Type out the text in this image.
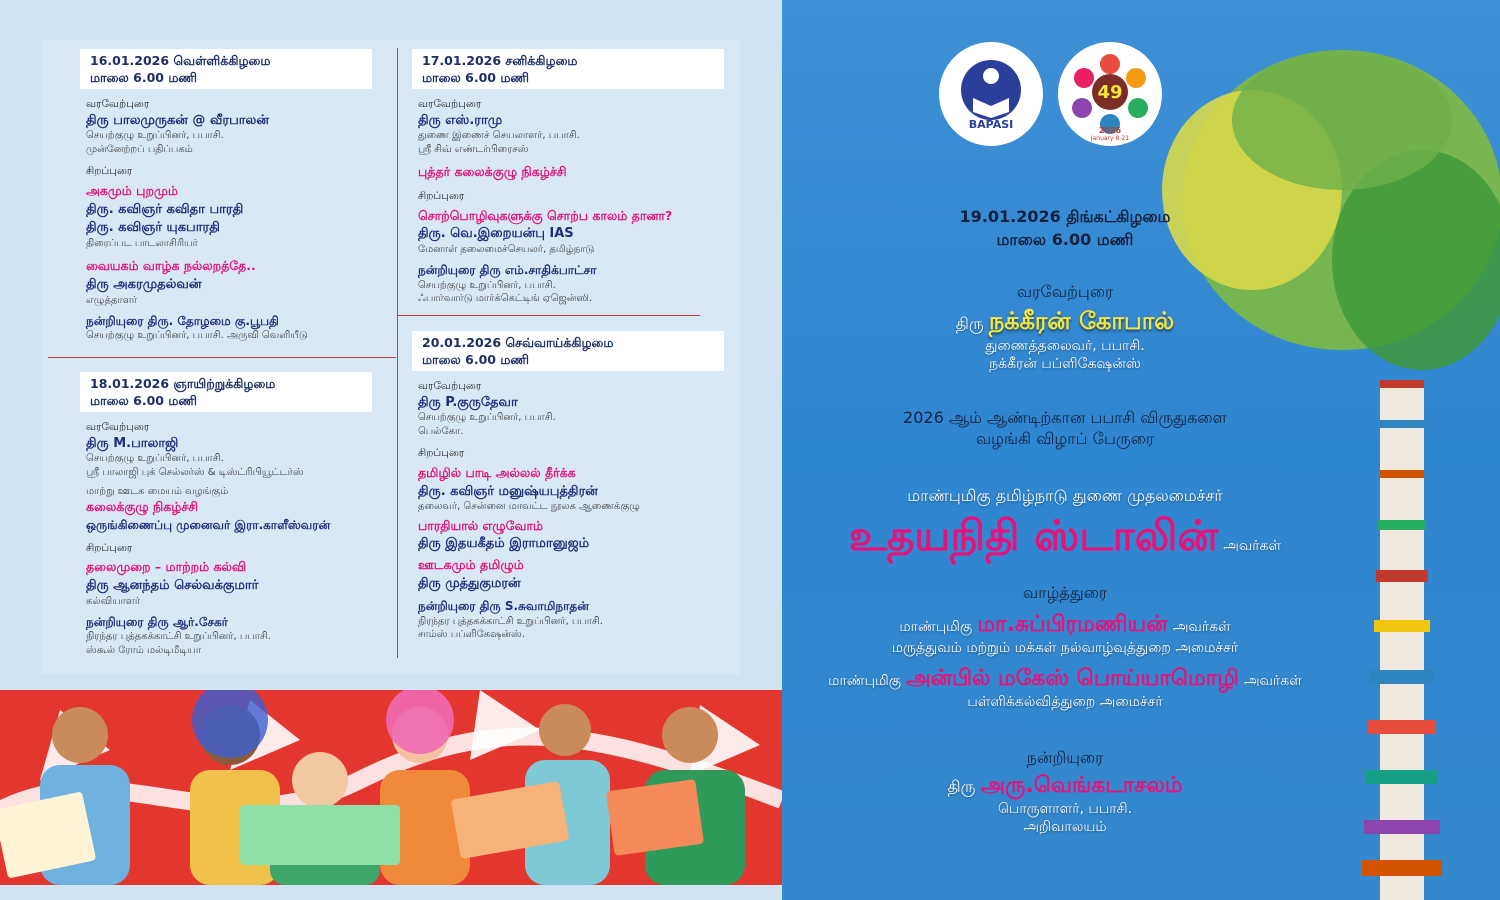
16.01.2026 வெள்ளிக்கிழமை
மாலை 6.00 மணி
வரவேற்புரை
திரு பாலமுருகன் @ வீரபாலன்
செயற்குழு உறுப்பினர், பபாசி.
முன்னேற்றப் பதிப்பகம்
சிறப்புரை
அகமும் புறமும்
திரு. கவிஞர் கவிதா பாரதி
திரு. கவிஞர் யுகபாரதி
திரைப்பட பாடலாசிரியர்
வையகம் வாழ்க நல்லறத்தே..
திரு அகரமுதல்வன்
எழுத்தாளர்
நன்றியுரை திரு. தோழமை கு.பூபதி
செயற்குழு உறுப்பினர், பபாசி. அருவி வெளியீடு
18.01.2026 ஞாயிற்றுக்கிழமை
மாலை 6.00 மணி
வரவேற்புரை
திரு M.பாலாஜி
செயற்குழு உறுப்பினர், பபாசி.
ஸ்ரீ பாலாஜி புக் செல்லர்ஸ் & டிஸ்ட்ரிபியூட்டர்ஸ்
மாற்று ஊடக மையம் வழங்கும்
கலைக்குழு நிகழ்ச்சி
ஒருங்கிணைப்பு முனைவர் இரா.காளீஸ்வரன்
சிறப்புரை
தலைமுறை – மாற்றம் கல்வி
திரு ஆனந்தம் செல்வக்குமார்
கல்வியாளர்
நன்றியுரை திரு ஆர்.சேகர்
நிரந்தர புத்தகக்காட்சி உறுப்பினர், பபாசி.
ஸ்கூல் ரோம் மல்டிமீடியா
17.01.2026 சனிக்கிழமை
மாலை 6.00 மணி
வரவேற்புரை
திரு எஸ்.ராமு
துணை இணைச் செயலாளர், பபாசி.
ஸ்ரீ சிவ் எண்டர்பிரைசஸ்
புத்தர் கலைக்குழு நிகழ்ச்சி
சிறப்புரை
சொற்பொழிவுகளுக்கு சொற்ப காலம் தானா?
திரு. வெ.இறையன்பு IAS
மேனாள் தலைமைச்செயலர், தமிழ்நாடு
நன்றியுரை திரு எம்.சாதிக்பாட்சா
செயற்குழு உறுப்பினர், பபாசி.
ஃபார்வார்டு மார்க்கெட்டிங் ஏஜென்ஸி.
20.01.2026 செவ்வாய்க்கிழமை
மாலை 6.00 மணி
வரவேற்புரை
திரு P.குருதேவா
செயற்குழு உறுப்பினர், பபாசி.
பெல்கோ.
சிறப்புரை
தமிழில் பாடி அல்லல் தீர்க்க
திரு. கவிஞர் மனுஷ்யபுத்திரன்
தலைவர், சென்னை மாவட்ட நூலக ஆணைக்குழு
பாரதியால் எழுவோம்
திரு இதயகீதம் இராமானுஜம்
ஊடகமும் தமிழும்
திரு முத்துகுமரன்
நன்றியுரை திரு S.சுவாமிநாதன்
நிரந்தர புத்தகக்காட்சி உறுப்பினர், பபாசி.
சாம்ஸ் பப்ளிகேஷன்ஸ்.
BAPASI
49
2026
January 8-21
19.01.2026 திங்கட்கிழமை
மாலை 6.00 மணி
வரவேற்புரை
திரு நக்கீரன் கோபால்
துணைத்தலைவர், பபாசி.
நக்கீரன் பப்ளிகேஷன்ஸ்
2026 ஆம் ஆண்டிற்கான பபாசி விருதுகளை
வழங்கி விழாப் பேருரை
மாண்புமிகு தமிழ்நாடு துணை முதலமைச்சர்
உதயநிதி ஸ்டாலின் அவர்கள்
வாழ்த்துரை
மாண்புமிகு மா.சுப்பிரமணியன் அவர்கள்
மருத்துவம் மற்றும் மக்கள் நல்வாழ்வுத்துறை அமைச்சர்
மாண்புமிகு அன்பில் மகேஸ் பொய்யாமொழி அவர்கள்
பள்ளிக்கல்வித்துறை அமைச்சர்
நன்றியுரை
திரு அரு.வெங்கடாசலம்
பொருளாளர், பபாசி.
அறிவாலயம்
